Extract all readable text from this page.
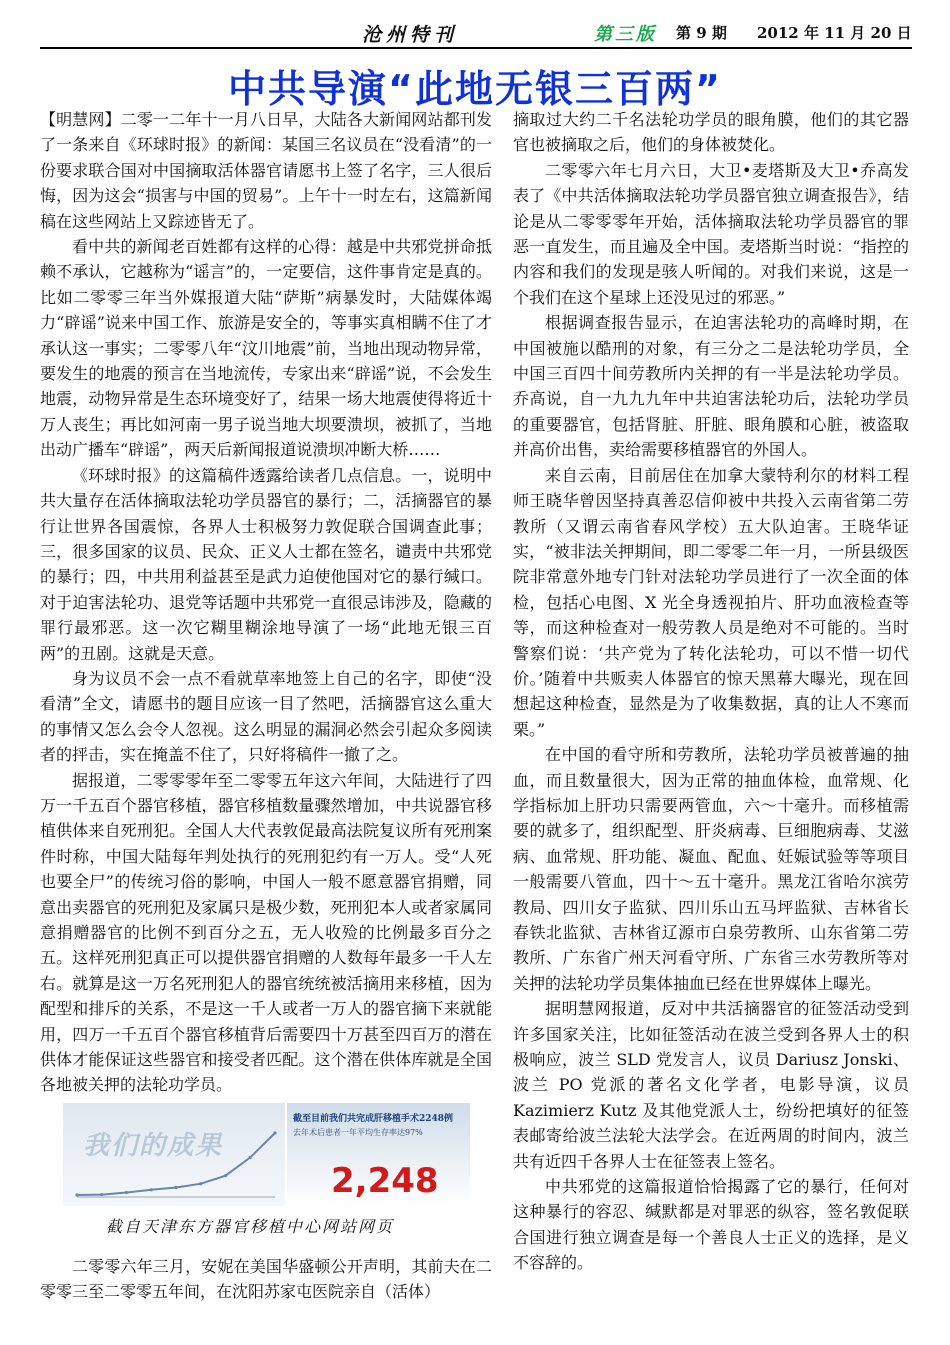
沧州特刊	第三版 第 9 期 2012 年 11 月 20 日
中共导演“此地无银三百两”

【明慧网】二零一二年十一月八日早，大陆各大新闻网站都刊发了一条来自《环球时报》的新闻：某国三名议员在“没看清”的一份要求联合国对中国摘取活体器官请愿书上签了名字，三人很后悔，因为这会“损害与中国的贸易”。上午十一时左右，这篇新闻稿在这些网站上又踪迹皆无了。

看中共的新闻老百姓都有这样的心得：越是中共邪党拼命抵赖不承认，它越称为“谣言”的，一定要信，这件事肯定是真的。比如二零零三年当外媒报道大陆“萨斯”病暴发时，大陆媒体竭力“辟谣”说来中国工作、旅游是安全的，等事实真相瞒不住了才承认这一事实；二零零八年“汶川地震”前，当地出现动物异常，要发生的地震的预言在当地流传，专家出来“辟谣”说，不会发生地震，动物异常是生态环境变好了，结果一场大地震使得将近十万人丧生；再比如河南一男子说当地大坝要溃坝，被抓了，当地出动广播车“辟谣”，两天后新闻报道说溃坝冲断大桥……

《环球时报》的这篇稿件透露给读者几点信息。一，说明中共大量存在活体摘取法轮功学员器官的暴行；二，活摘器官的暴行让世界各国震惊，各界人士积极努力敦促联合国调查此事；三，很多国家的议员、民众、正义人士都在签名，谴责中共邪党的暴行；四，中共用利益甚至是武力迫使他国对它的暴行缄口。对于迫害法轮功、退党等话题中共邪党一直很忌讳涉及，隐藏的罪行最邪恶。这一次它糊里糊涂地导演了一场“此地无银三百两”的丑剧。这就是天意。

身为议员不会一点不看就草率地签上自己的名字，即使“没看清”全文，请愿书的题目应该一目了然吧，活摘器官这么重大的事情又怎么会令人忽视。这么明显的漏洞必然会引起众多阅读者的抨击，实在掩盖不住了，只好将稿件一撤了之。

据报道，二零零零年至二零零五年这六年间，大陆进行了四万一千五百个器官移植，器官移植数量骤然增加，中共说器官移植供体来自死刑犯。全国人大代表敦促最高法院复议所有死刑案件时称，中国大陆每年判处执行的死刑犯约有一万人。受“人死也要全尸”的传统习俗的影响，中国人一般不愿意器官捐赠，同意出卖器官的死刑犯及家属只是极少数，死刑犯本人或者家属同意捐赠器官的比例不到百分之五，无人收殓的比例最多百分之五。这样死刑犯真正可以提供器官捐赠的人数每年最多一千人左右。就算是这一万名死刑犯人的器官统统被活摘用来移植，因为配型和排斥的关系，不是这一千人或者一万人的器官摘下来就能用，四万一千五百个器官移植背后需要四十万甚至四百万的潜在供体才能保证这些器官和接受者匹配。这个潜在供体库就是全国各地被关押的法轮功学员。

我们的成果
截至目前我们共完成肝移植手术2248例
去年术后患者一年平均生存率达97%
2,248
截自天津东方器官移植中心网站网页

二零零六年三月，安妮在美国华盛顿公开声明，其前夫在二零零三至二零零五年间，在沈阳苏家屯医院亲自（活体）

摘取过大约二千名法轮功学员的眼角膜，他们的其它器官也被摘取之后，他们的身体被焚化。

二零零六年七月六日，大卫•麦塔斯及大卫•乔高发表了《中共活体摘取法轮功学员器官独立调查报告》，结论是从二零零零年开始，活体摘取法轮功学员器官的罪恶一直发生，而且遍及全中国。麦塔斯当时说：“指控的内容和我们的发现是骇人听闻的。对我们来说，这是一个我们在这个星球上还没见过的邪恶。”

根据调查报告显示，在迫害法轮功的高峰时期，在中国被施以酷刑的对象，有三分之二是法轮功学员，全中国三百四十间劳教所内关押的有一半是法轮功学员。乔高说，自一九九九年中共迫害法轮功后，法轮功学员的重要器官，包括肾脏、肝脏、眼角膜和心脏，被盗取并高价出售，卖给需要移植器官的外国人。

来自云南，目前居住在加拿大蒙特利尔的材料工程师王晓华曾因坚持真善忍信仰被中共投入云南省第二劳教所（又谓云南省春风学校）五大队迫害。王晓华证实，“被非法关押期间，即二零零二年一月，一所县级医院非常意外地专门针对法轮功学员进行了一次全面的体检，包括心电图、X 光全身透视拍片、肝功血液检查等等，而这种检查对一般劳教人员是绝对不可能的。当时警察们说：‘共产党为了转化法轮功，可以不惜一切代价。’随着中共贩卖人体器官的惊天黑幕大曝光，现在回想起这种检查，显然是为了收集数据，真的让人不寒而栗。”

在中国的看守所和劳教所，法轮功学员被普遍的抽血，而且数量很大，因为正常的抽血体检，血常规、化学指标加上肝功只需要两管血，六～十毫升。而移植需要的就多了，组织配型、肝炎病毒、巨细胞病毒、艾滋病、血常规、肝功能、凝血、配血、妊娠试验等等项目一般需要八管血，四十～五十毫升。黑龙江省哈尔滨劳教局、四川女子监狱、四川乐山五马坪监狱、吉林省长春铁北监狱、吉林省辽源市白泉劳教所、山东省第二劳教所、广东省广州天河看守所、广东省三水劳教所等对关押的法轮功学员集体抽血已经在世界媒体上曝光。

据明慧网报道，反对中共活摘器官的征签活动受到许多国家关注，比如征签活动在波兰受到各界人士的积极响应，波兰 SLD 党发言人，议员 Dariusz Jonski、波兰 PO 党派的著名文化学者，电影导演，议员 Kazimierz Kutz 及其他党派人士，纷纷把填好的征签表邮寄给波兰法轮大法学会。在近两周的时间内，波兰共有近四千各界人士在征签表上签名。

中共邪党的这篇报道恰恰揭露了它的暴行，任何对这种暴行的容忍、缄默都是对罪恶的纵容，签名敦促联合国进行独立调查是每一个善良人士正义的选择，是义不容辞的。
